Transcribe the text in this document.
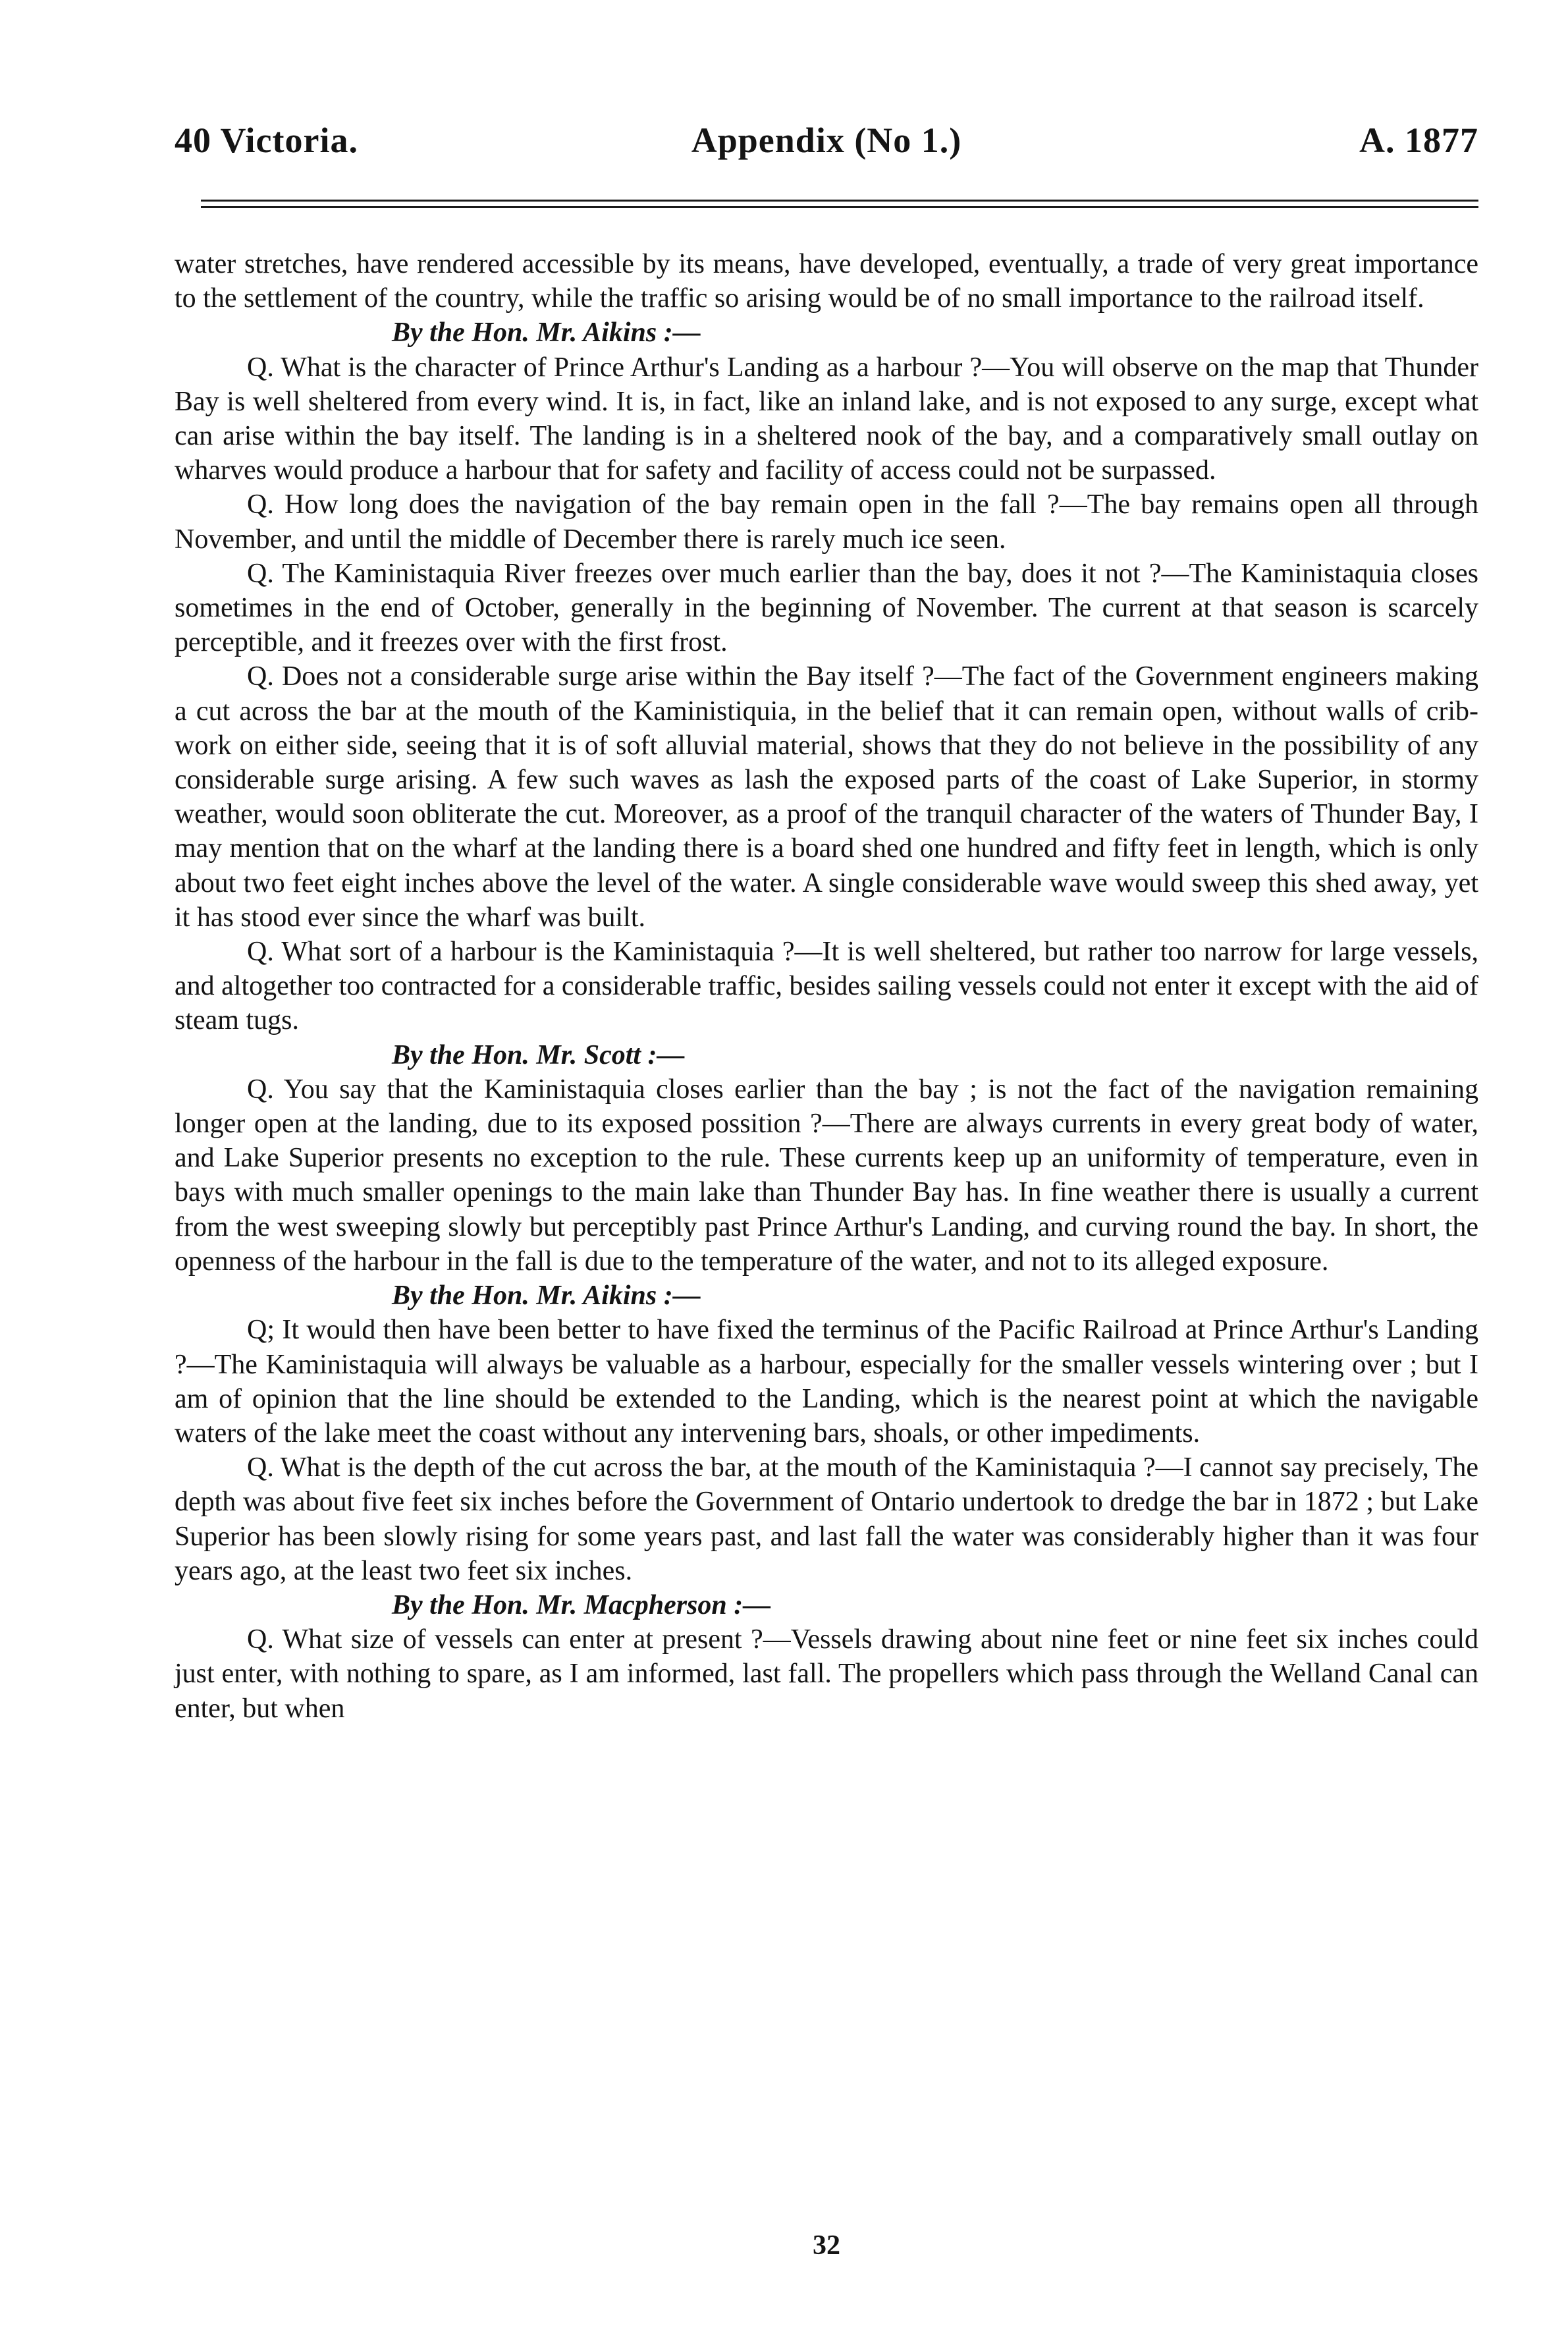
40 Victoria.	Appendix (No 1.)	A. 1877

water stretches, have rendered accessible by its means, have developed, eventually, a trade of very great importance to the settlement of the country, while the traffic so arising would be of no small importance to the railroad itself.

By the Hon. Mr. Aikins :—

Q. What is the character of Prince Arthur's Landing as a harbour ?—You will observe on the map that Thunder Bay is well sheltered from every wind. It is, in fact, like an inland lake, and is not exposed to any surge, except what can arise within the bay itself. The landing is in a sheltered nook of the bay, and a comparatively small outlay on wharves would produce a harbour that for safety and facility of access could not be surpassed.

Q. How long does the navigation of the bay remain open in the fall ?—The bay remains open all through November, and until the middle of December there is rarely much ice seen.

Q. The Kaministaquia River freezes over much earlier than the bay, does it not ?—The Kaministaquia closes sometimes in the end of October, generally in the beginning of November. The current at that season is scarcely perceptible, and it freezes over with the first frost.

Q. Does not a considerable surge arise within the Bay itself ?—The fact of the Government engineers making a cut across the bar at the mouth of the Kaministiquia, in the belief that it can remain open, without walls of crib-work on either side, seeing that it is of soft alluvial material, shows that they do not believe in the possibility of any considerable surge arising. A few such waves as lash the exposed parts of the coast of Lake Superior, in stormy weather, would soon obliterate the cut. Moreover, as a proof of the tranquil character of the waters of Thunder Bay, I may mention that on the wharf at the landing there is a board shed one hundred and fifty feet in length, which is only about two feet eight inches above the level of the water. A single considerable wave would sweep this shed away, yet it has stood ever since the wharf was built.

Q. What sort of a harbour is the Kaministaquia ?—It is well sheltered, but rather too narrow for large vessels, and altogether too contracted for a considerable traffic, besides sailing vessels could not enter it except with the aid of steam tugs.

By the Hon. Mr. Scott :—

Q. You say that the Kaministaquia closes earlier than the bay ; is not the fact of the navigation remaining longer open at the landing, due to its exposed possition ?—There are always currents in every great body of water, and Lake Superior presents no exception to the rule. These currents keep up an uniformity of temperature, even in bays with much smaller openings to the main lake than Thunder Bay has. In fine weather there is usually a current from the west sweeping slowly but perceptibly past Prince Arthur's Landing, and curving round the bay. In short, the openness of the harbour in the fall is due to the temperature of the water, and not to its alleged exposure.

By the Hon. Mr. Aikins :—

Q; It would then have been better to have fixed the terminus of the Pacific Railroad at Prince Arthur's Landing ?—The Kaministaquia will always be valuable as a harbour, especially for the smaller vessels wintering over ; but I am of opinion that the line should be extended to the Landing, which is the nearest point at which the navigable waters of the lake meet the coast without any intervening bars, shoals, or other impediments.

Q. What is the depth of the cut across the bar, at the mouth of the Kaministaquia ?—I cannot say precisely, The depth was about five feet six inches before the Government of Ontario undertook to dredge the bar in 1872 ; but Lake Superior has been slowly rising for some years past, and last fall the water was considerably higher than it was four years ago, at the least two feet six inches.

By the Hon. Mr. Macpherson :—

Q. What size of vessels can enter at present ?—Vessels drawing about nine feet or nine feet six inches could just enter, with nothing to spare, as I am informed, last fall. The propellers which pass through the Welland Canal can enter, but when

32
